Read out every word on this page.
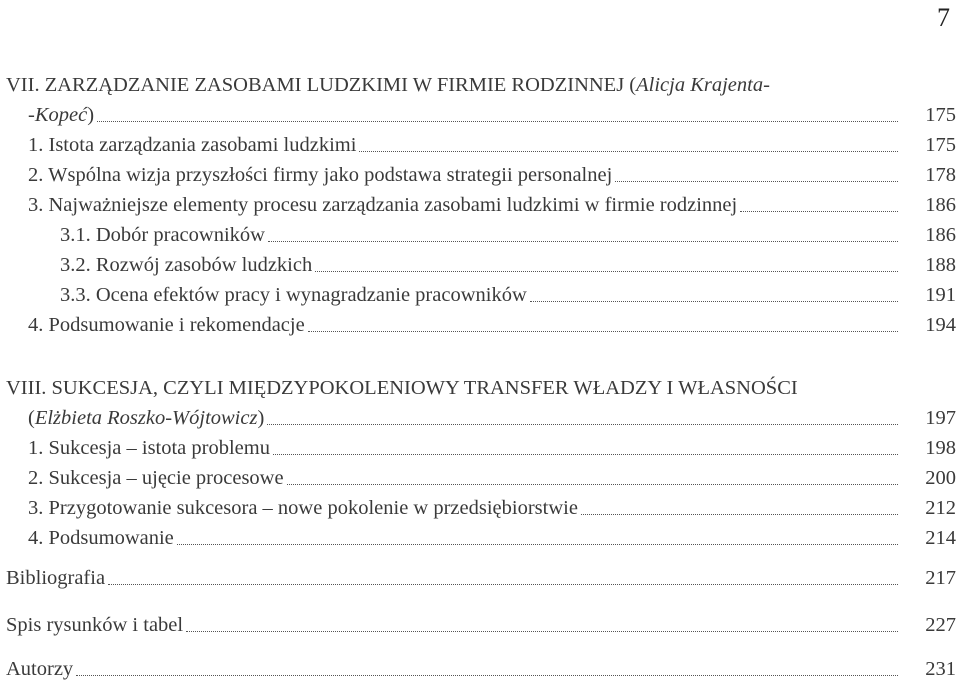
7
VII. ZARZĄDZANIE ZASOBAMI LUDZKIMI W FIRMIE RODZINNEJ (Alicja Krajenta-
-Kopeć)	175
1. Istota zarządzania zasobami ludzkimi	175
2. Wspólna wizja przyszłości firmy jako podstawa strategii personalnej	178
3. Najważniejsze elementy procesu zarządzania zasobami ludzkimi w firmie rodzinnej	186
3.1. Dobór pracowników	186
3.2. Rozwój zasobów ludzkich	188
3.3. Ocena efektów pracy i wynagradzanie pracowników	191
4. Podsumowanie i rekomendacje	194
VIII. SUKCESJA, CZYLI MIĘDZYPOKOLENIOWY TRANSFER WŁADZY I WŁASNOŚCI
(Elżbieta Roszko-Wójtowicz)	197
1. Sukcesja – istota problemu	198
2. Sukcesja – ujęcie procesowe	200
3. Przygotowanie sukcesora – nowe pokolenie w przedsiębiorstwie	212
4. Podsumowanie	214
Bibliografia	217
Spis rysunków i tabel	227
Autorzy	231
